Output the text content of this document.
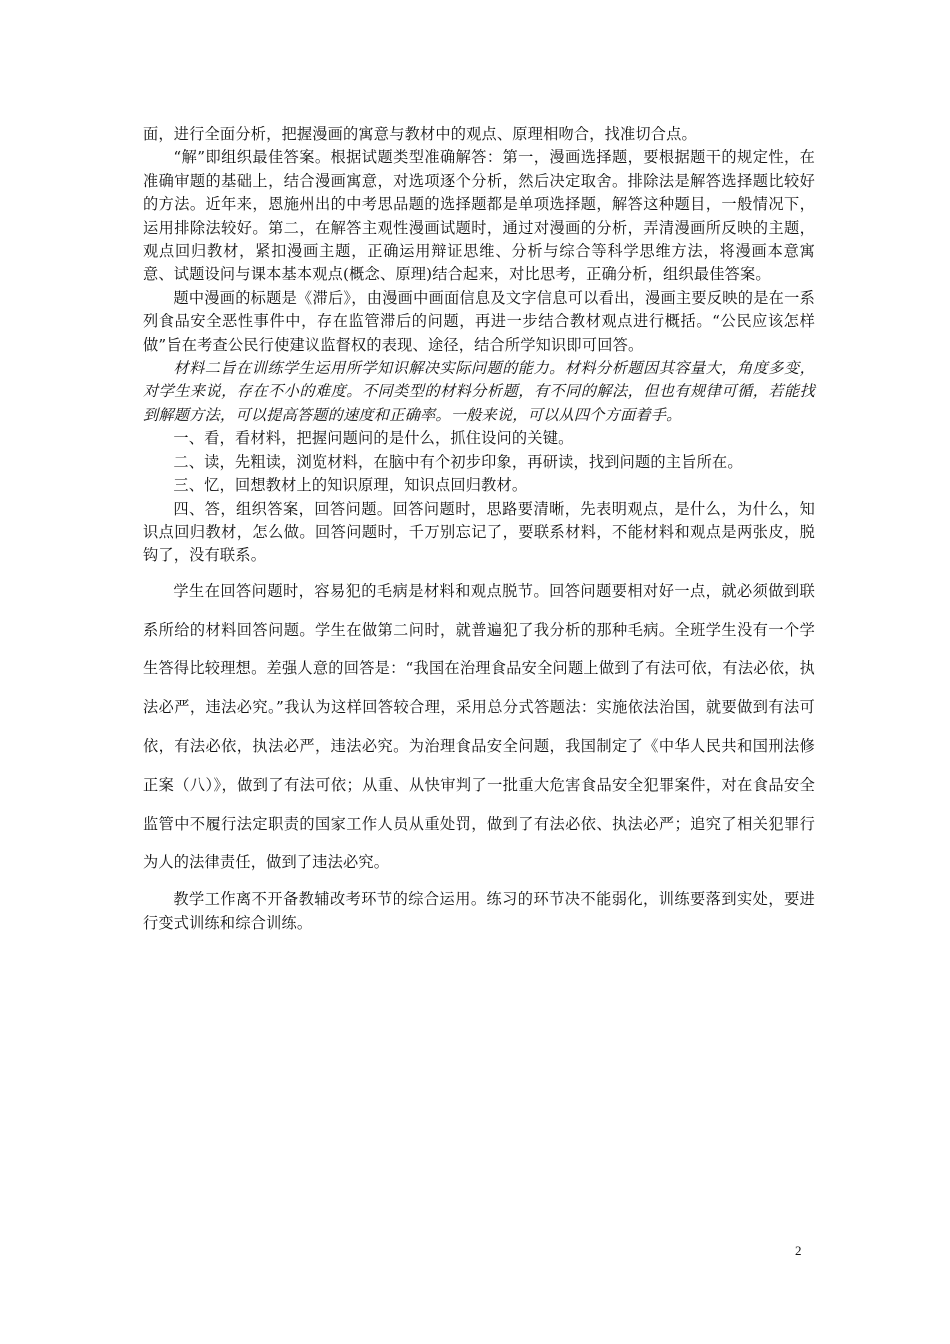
面，进行全面分析，把握漫画的寓意与教材中的观点、原理相吻合，找准切合点。

“解”即组织最佳答案。根据试题类型准确解答：第一，漫画选择题，要根据题干的规定性，在准确审题的基础上，结合漫画寓意，对选项逐个分析，然后决定取舍。排除法是解答选择题比较好的方法。近年来，恩施州出的中考思品题的选择题都是单项选择题，解答这种题目，一般情况下，运用排除法较好。第二，在解答主观性漫画试题时，通过对漫画的分析，弄清漫画所反映的主题，观点回归教材，紧扣漫画主题，正确运用辩证思维、分析与综合等科学思维方法，将漫画本意寓意、试题设问与课本基本观点(概念、原理)结合起来，对比思考，正确分析，组织最佳答案。

题中漫画的标题是《滞后》，由漫画中画面信息及文字信息可以看出，漫画主要反映的是在一系列食品安全恶性事件中，存在监管滞后的问题，再进一步结合教材观点进行概括。“公民应该怎样做”旨在考查公民行使建议监督权的表现、途径，结合所学知识即可回答。

材料二旨在训练学生运用所学知识解决实际问题的能力。材料分析题因其容量大，角度多变，对学生来说，存在不小的难度。不同类型的材料分析题，有不同的解法，但也有规律可循，若能找到解题方法，可以提高答题的速度和正确率。一般来说，可以从四个方面着手。

一、看，看材料，把握问题问的是什么，抓住设问的关键。

二、读，先粗读，浏览材料，在脑中有个初步印象，再研读，找到问题的主旨所在。

三、忆，回想教材上的知识原理，知识点回归教材。

四、答，组织答案，回答问题。回答问题时，思路要清晰，先表明观点，是什么，为什么，知识点回归教材，怎么做。回答问题时，千万别忘记了，要联系材料，不能材料和观点是两张皮，脱钩了，没有联系。

学生在回答问题时，容易犯的毛病是材料和观点脱节。回答问题要相对好一点，就必须做到联系所给的材料回答问题。学生在做第二问时，就普遍犯了我分析的那种毛病。全班学生没有一个学生答得比较理想。差强人意的回答是：“我国在治理食品安全问题上做到了有法可依，有法必依，执法必严，违法必究。”我认为这样回答较合理，采用总分式答题法：实施依法治国，就要做到有法可依，有法必依，执法必严，违法必究。为治理食品安全问题，我国制定了《中华人民共和国刑法修正案（八）》，做到了有法可依；从重、从快审判了一批重大危害食品安全犯罪案件，对在食品安全监管中不履行法定职责的国家工作人员从重处罚，做到了有法必依、执法必严；追究了相关犯罪行为人的法律责任，做到了违法必究。

教学工作离不开备教辅改考环节的综合运用。练习的环节决不能弱化，训练要落到实处，要进行变式训练和综合训练。

2
